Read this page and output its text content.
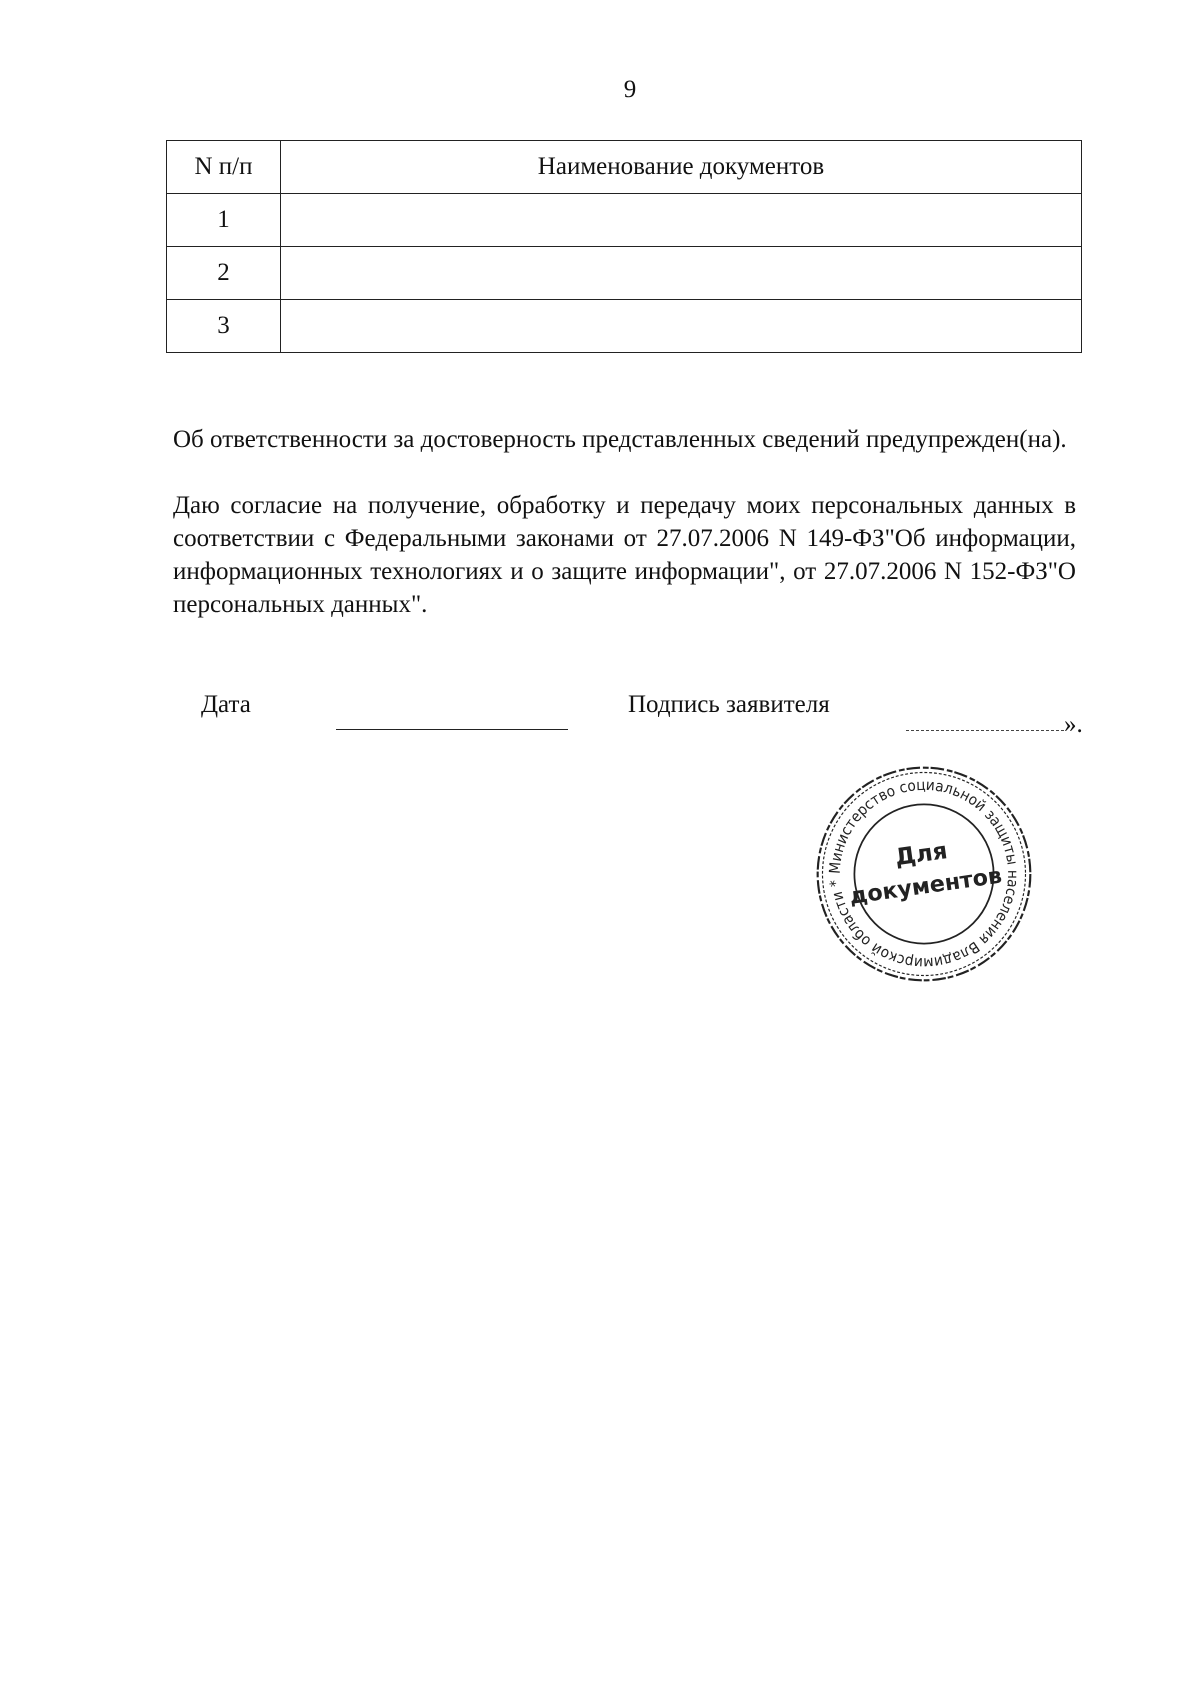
9
N п/п	Наименование документов
1	
2	
3	
Об ответственности за достоверность представленных сведений предупрежден(на).
Даю согласие на получение, обработку и передачу моих персональных данных в соответствии с Федеральными законами от 27.07.2006 N 149-ФЗ"Об информации, информационных технологиях и о защите информации", от 27.07.2006 N 152-ФЗ"О персональных данных".
Дата	Подпись заявителя
».
Министерство социальной защиты населения Владимирской области *
Для
документов
